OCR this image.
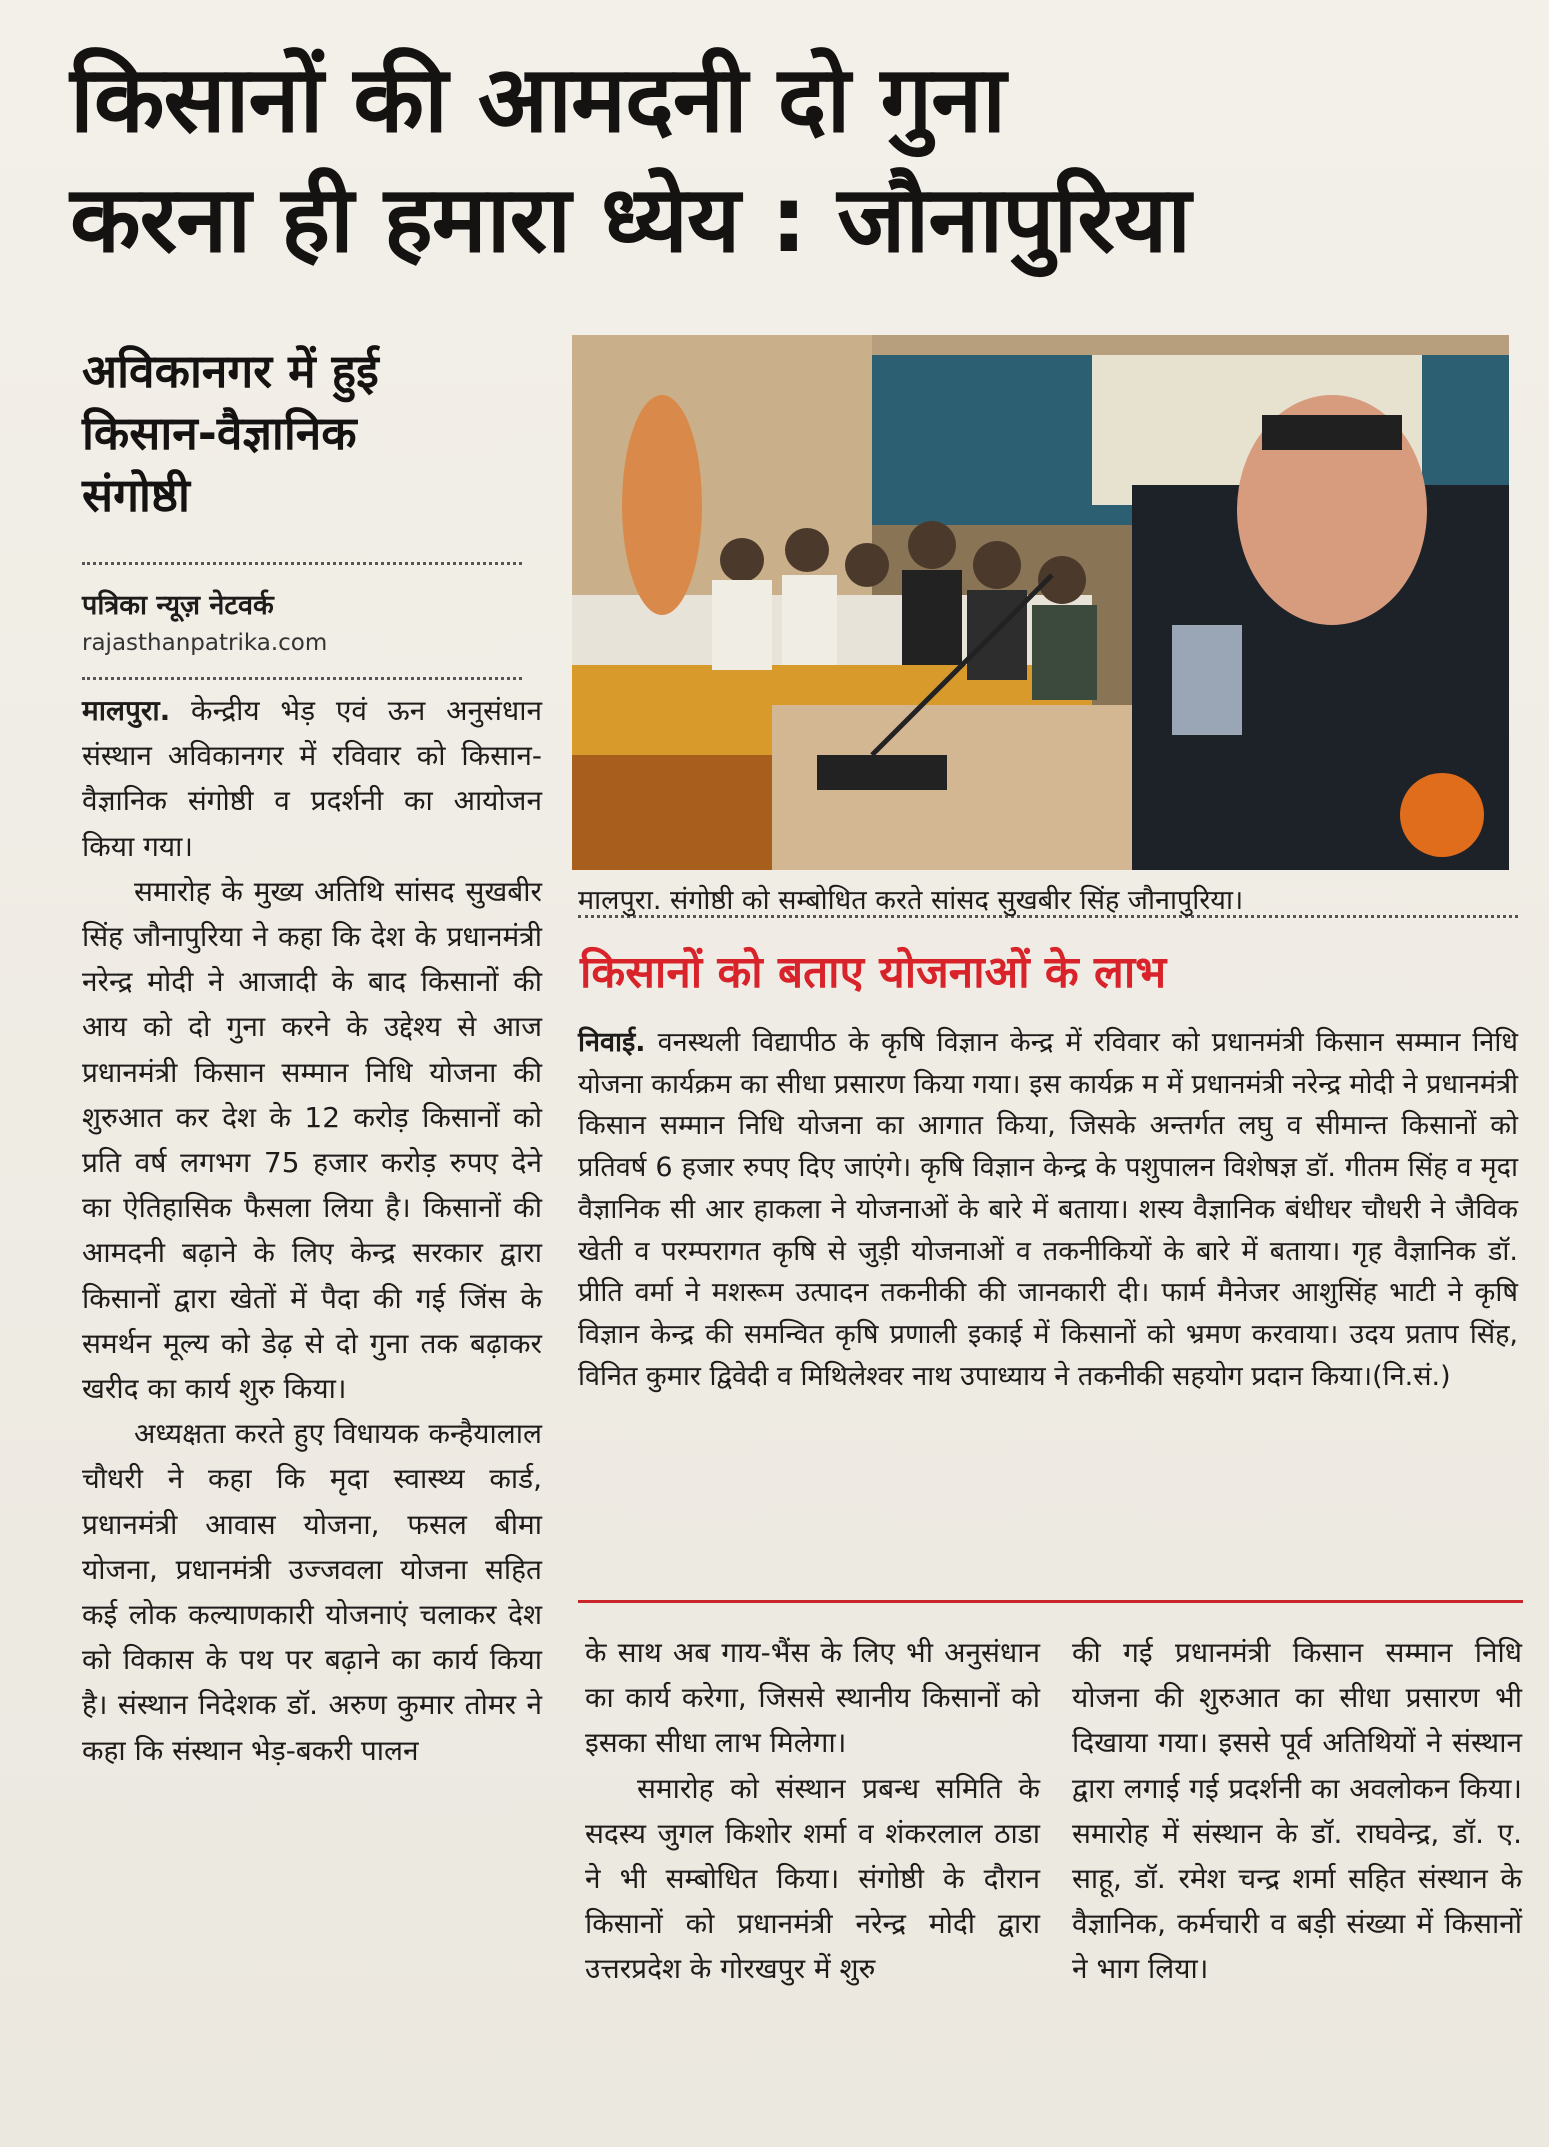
किसानों की आमदनी दो गुना
करना ही हमारा ध्येय : जौनापुरिया
अविकानगर में हुई
किसान-वैज्ञानिक
संगोष्ठी
पत्रिका न्यूज़ नेटवर्क
rajasthanpatrika.com

मालपुरा. केन्द्रीय भेड़ एवं ऊन अनुसंधान संस्थान अविकानगर में रविवार को किसान-वैज्ञानिक संगोष्ठी व प्रदर्शनी का आयोजन किया गया।

समारोह के मुख्य अतिथि सांसद सुखबीर सिंह जौनापुरिया ने कहा कि देश के प्रधानमंत्री नरेन्द्र मोदी ने आजादी के बाद किसानों की आय को दो गुना करने के उद्देश्य से आज प्रधानमंत्री किसान सम्मान निधि योजना की शुरुआत कर देश के 12 करोड़ किसानों को प्रति वर्ष लगभग 75 हजार करोड़ रुपए देने का ऐतिहासिक फैसला लिया है। किसानों की आमदनी बढ़ाने के लिए केन्द्र सरकार द्वारा किसानों द्वारा खेतों में पैदा की गई जिंस के समर्थन मूल्य को डेढ़ से दो गुना तक बढ़ाकर खरीद का कार्य शुरु किया।

अध्यक्षता करते हुए विधायक कन्हैयालाल चौधरी ने कहा कि मृदा स्वास्थ्य कार्ड, प्रधानमंत्री आवास योजना, फसल बीमा योजना, प्रधानमंत्री उज्जवला योजना सहित कई लोक कल्याणकारी योजनाएं चलाकर देश को विकास के पथ पर बढ़ाने का कार्य किया है। संस्थान निदेशक डॉ. अरुण कुमार तोमर ने कहा कि संस्थान भेड़-बकरी पालन

मालपुरा. संगोष्ठी को सम्बोधित करते सांसद सुखबीर सिंह जौनापुरिया।
किसानों को बताए योजनाओं के लाभ
निवाई. वनस्थली विद्यापीठ के कृषि विज्ञान केन्द्र में रविवार को प्रधानमंत्री किसान सम्मान निधि योजना कार्यक्रम का सीधा प्रसारण किया गया। इस कार्यक्र म में प्रधानमंत्री नरेन्द्र मोदी ने प्रधानमंत्री किसान सम्मान निधि योजना का आगात किया, जिसके अन्तर्गत लघु व सीमान्त किसानों को प्रतिवर्ष 6 हजार रुपए दिए जाएंगे। कृषि विज्ञान केन्द्र के पशुपालन विशेषज्ञ डॉ. गीतम सिंह व मृदा वैज्ञानिक सी आर हाकला ने योजनाओं के बारे में बताया। शस्य वैज्ञानिक बंधीधर चौधरी ने जैविक खेती व परम्परागत कृषि से जुड़ी योजनाओं व तकनीकियों के बारे में बताया। गृह वैज्ञानिक डॉ. प्रीति वर्मा ने मशरूम उत्पादन तकनीकी की जानकारी दी। फार्म मैनेजर आशुसिंह भाटी ने कृषि विज्ञान केन्द्र की समन्वित कृषि प्रणाली इकाई में किसानों को भ्रमण करवाया। उदय प्रताप सिंह, विनित कुमार द्विवेदी व मिथिलेश्वर नाथ उपाध्याय ने तकनीकी सहयोग प्रदान किया।(नि.सं.)

के साथ अब गाय-भैंस के लिए भी अनुसंधान का कार्य करेगा, जिससे स्थानीय किसानों को इसका सीधा लाभ मिलेगा।

समारोह को संस्थान प्रबन्ध समिति के सदस्य जुगल किशोर शर्मा व शंकरलाल ठाडा ने भी सम्बोधित किया। संगोष्ठी के दौरान किसानों को प्रधानमंत्री नरेन्द्र मोदी द्वारा उत्तरप्रदेश के गोरखपुर में शुरु

की गई प्रधानमंत्री किसान सम्मान निधि योजना की शुरुआत का सीधा प्रसारण भी दिखाया गया। इससे पूर्व अतिथियों ने संस्थान द्वारा लगाई गई प्रदर्शनी का अवलोकन किया। समारोह में संस्थान के डॉ. राघवेन्द्र, डॉ. ए. साहू, डॉ. रमेश चन्द्र शर्मा सहित संस्थान के वैज्ञानिक, कर्मचारी व बड़ी संख्या में किसानों ने भाग लिया।
